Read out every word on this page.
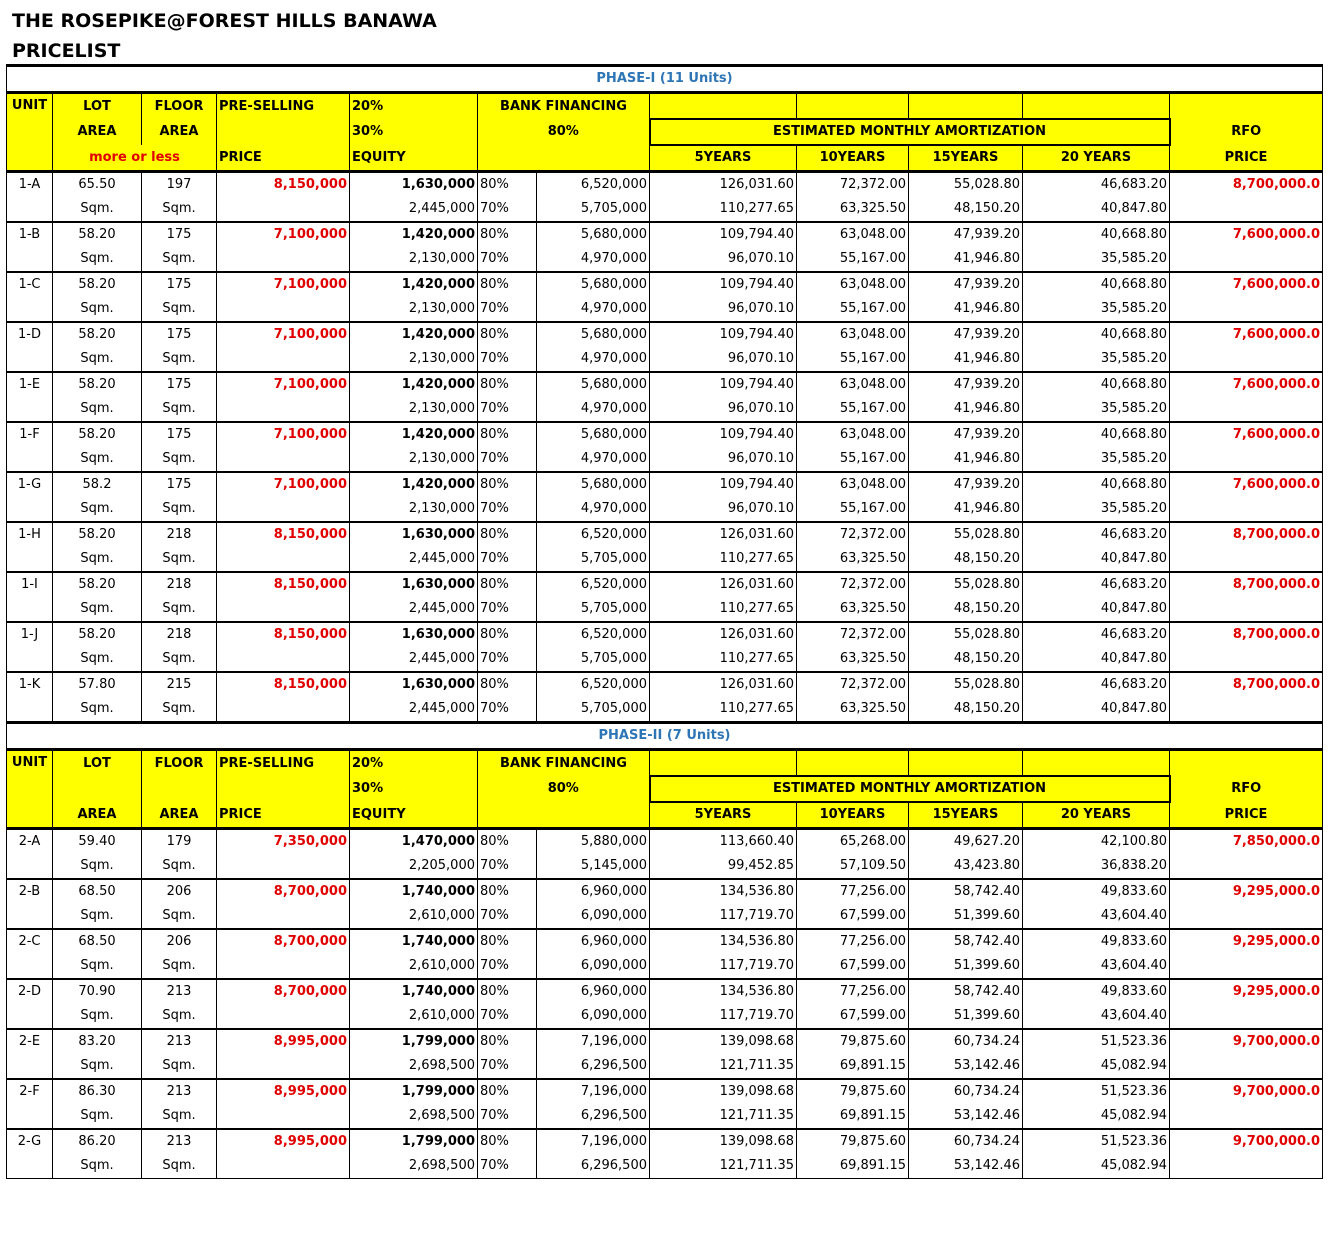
THE ROSEPIKE@FOREST HILLS BANAWA
PRICELIST
PHASE-I (11 Units)											
UNIT	LOT	FLOOR	PRE-SELLING	20%	BANK FINANCING						
	AREA	AREA		30%	80%		ESTIMATED MONTHLY AMORTIZATION				RFO
	more or less		PRICE	EQUITY			5YEARS	10YEARS	15YEARS	20 YEARS	PRICE
1-A	65.50	197	8,150,000	1,630,000	80%	6,520,000	126,031.60	72,372.00	55,028.80	46,683.20	8,700,000.0
	Sqm.	Sqm.		2,445,000	70%	5,705,000	110,277.65	63,325.50	48,150.20	40,847.80	
1-B	58.20	175	7,100,000	1,420,000	80%	5,680,000	109,794.40	63,048.00	47,939.20	40,668.80	7,600,000.0
	Sqm.	Sqm.		2,130,000	70%	4,970,000	96,070.10	55,167.00	41,946.80	35,585.20	
1-C	58.20	175	7,100,000	1,420,000	80%	5,680,000	109,794.40	63,048.00	47,939.20	40,668.80	7,600,000.0
	Sqm.	Sqm.		2,130,000	70%	4,970,000	96,070.10	55,167.00	41,946.80	35,585.20	
1-D	58.20	175	7,100,000	1,420,000	80%	5,680,000	109,794.40	63,048.00	47,939.20	40,668.80	7,600,000.0
	Sqm.	Sqm.		2,130,000	70%	4,970,000	96,070.10	55,167.00	41,946.80	35,585.20	
1-E	58.20	175	7,100,000	1,420,000	80%	5,680,000	109,794.40	63,048.00	47,939.20	40,668.80	7,600,000.0
	Sqm.	Sqm.		2,130,000	70%	4,970,000	96,070.10	55,167.00	41,946.80	35,585.20	
1-F	58.20	175	7,100,000	1,420,000	80%	5,680,000	109,794.40	63,048.00	47,939.20	40,668.80	7,600,000.0
	Sqm.	Sqm.		2,130,000	70%	4,970,000	96,070.10	55,167.00	41,946.80	35,585.20	
1-G	58.2	175	7,100,000	1,420,000	80%	5,680,000	109,794.40	63,048.00	47,939.20	40,668.80	7,600,000.0
	Sqm.	Sqm.		2,130,000	70%	4,970,000	96,070.10	55,167.00	41,946.80	35,585.20	
1-H	58.20	218	8,150,000	1,630,000	80%	6,520,000	126,031.60	72,372.00	55,028.80	46,683.20	8,700,000.0
	Sqm.	Sqm.		2,445,000	70%	5,705,000	110,277.65	63,325.50	48,150.20	40,847.80	
1-I	58.20	218	8,150,000	1,630,000	80%	6,520,000	126,031.60	72,372.00	55,028.80	46,683.20	8,700,000.0
	Sqm.	Sqm.		2,445,000	70%	5,705,000	110,277.65	63,325.50	48,150.20	40,847.80	
1-J	58.20	218	8,150,000	1,630,000	80%	6,520,000	126,031.60	72,372.00	55,028.80	46,683.20	8,700,000.0
	Sqm.	Sqm.		2,445,000	70%	5,705,000	110,277.65	63,325.50	48,150.20	40,847.80	
1-K	57.80	215	8,150,000	1,630,000	80%	6,520,000	126,031.60	72,372.00	55,028.80	46,683.20	8,700,000.0
	Sqm.	Sqm.		2,445,000	70%	5,705,000	110,277.65	63,325.50	48,150.20	40,847.80	
PHASE-II (7 Units)											
UNIT	LOT	FLOOR	PRE-SELLING	20%	BANK FINANCING						
				30%	80%		ESTIMATED MONTHLY AMORTIZATION				RFO
	AREA	AREA	PRICE	EQUITY			5YEARS	10YEARS	15YEARS	20 YEARS	PRICE
2-A	59.40	179	7,350,000	1,470,000	80%	5,880,000	113,660.40	65,268.00	49,627.20	42,100.80	7,850,000.0
	Sqm.	Sqm.		2,205,000	70%	5,145,000	99,452.85	57,109.50	43,423.80	36,838.20	
2-B	68.50	206	8,700,000	1,740,000	80%	6,960,000	134,536.80	77,256.00	58,742.40	49,833.60	9,295,000.0
	Sqm.	Sqm.		2,610,000	70%	6,090,000	117,719.70	67,599.00	51,399.60	43,604.40	
2-C	68.50	206	8,700,000	1,740,000	80%	6,960,000	134,536.80	77,256.00	58,742.40	49,833.60	9,295,000.0
	Sqm.	Sqm.		2,610,000	70%	6,090,000	117,719.70	67,599.00	51,399.60	43,604.40	
2-D	70.90	213	8,700,000	1,740,000	80%	6,960,000	134,536.80	77,256.00	58,742.40	49,833.60	9,295,000.0
	Sqm.	Sqm.		2,610,000	70%	6,090,000	117,719.70	67,599.00	51,399.60	43,604.40	
2-E	83.20	213	8,995,000	1,799,000	80%	7,196,000	139,098.68	79,875.60	60,734.24	51,523.36	9,700,000.0
	Sqm.	Sqm.		2,698,500	70%	6,296,500	121,711.35	69,891.15	53,142.46	45,082.94	
2-F	86.30	213	8,995,000	1,799,000	80%	7,196,000	139,098.68	79,875.60	60,734.24	51,523.36	9,700,000.0
	Sqm.	Sqm.		2,698,500	70%	6,296,500	121,711.35	69,891.15	53,142.46	45,082.94	
2-G	86.20	213	8,995,000	1,799,000	80%	7,196,000	139,098.68	79,875.60	60,734.24	51,523.36	9,700,000.0
	Sqm.	Sqm.		2,698,500	70%	6,296,500	121,711.35	69,891.15	53,142.46	45,082.94	
